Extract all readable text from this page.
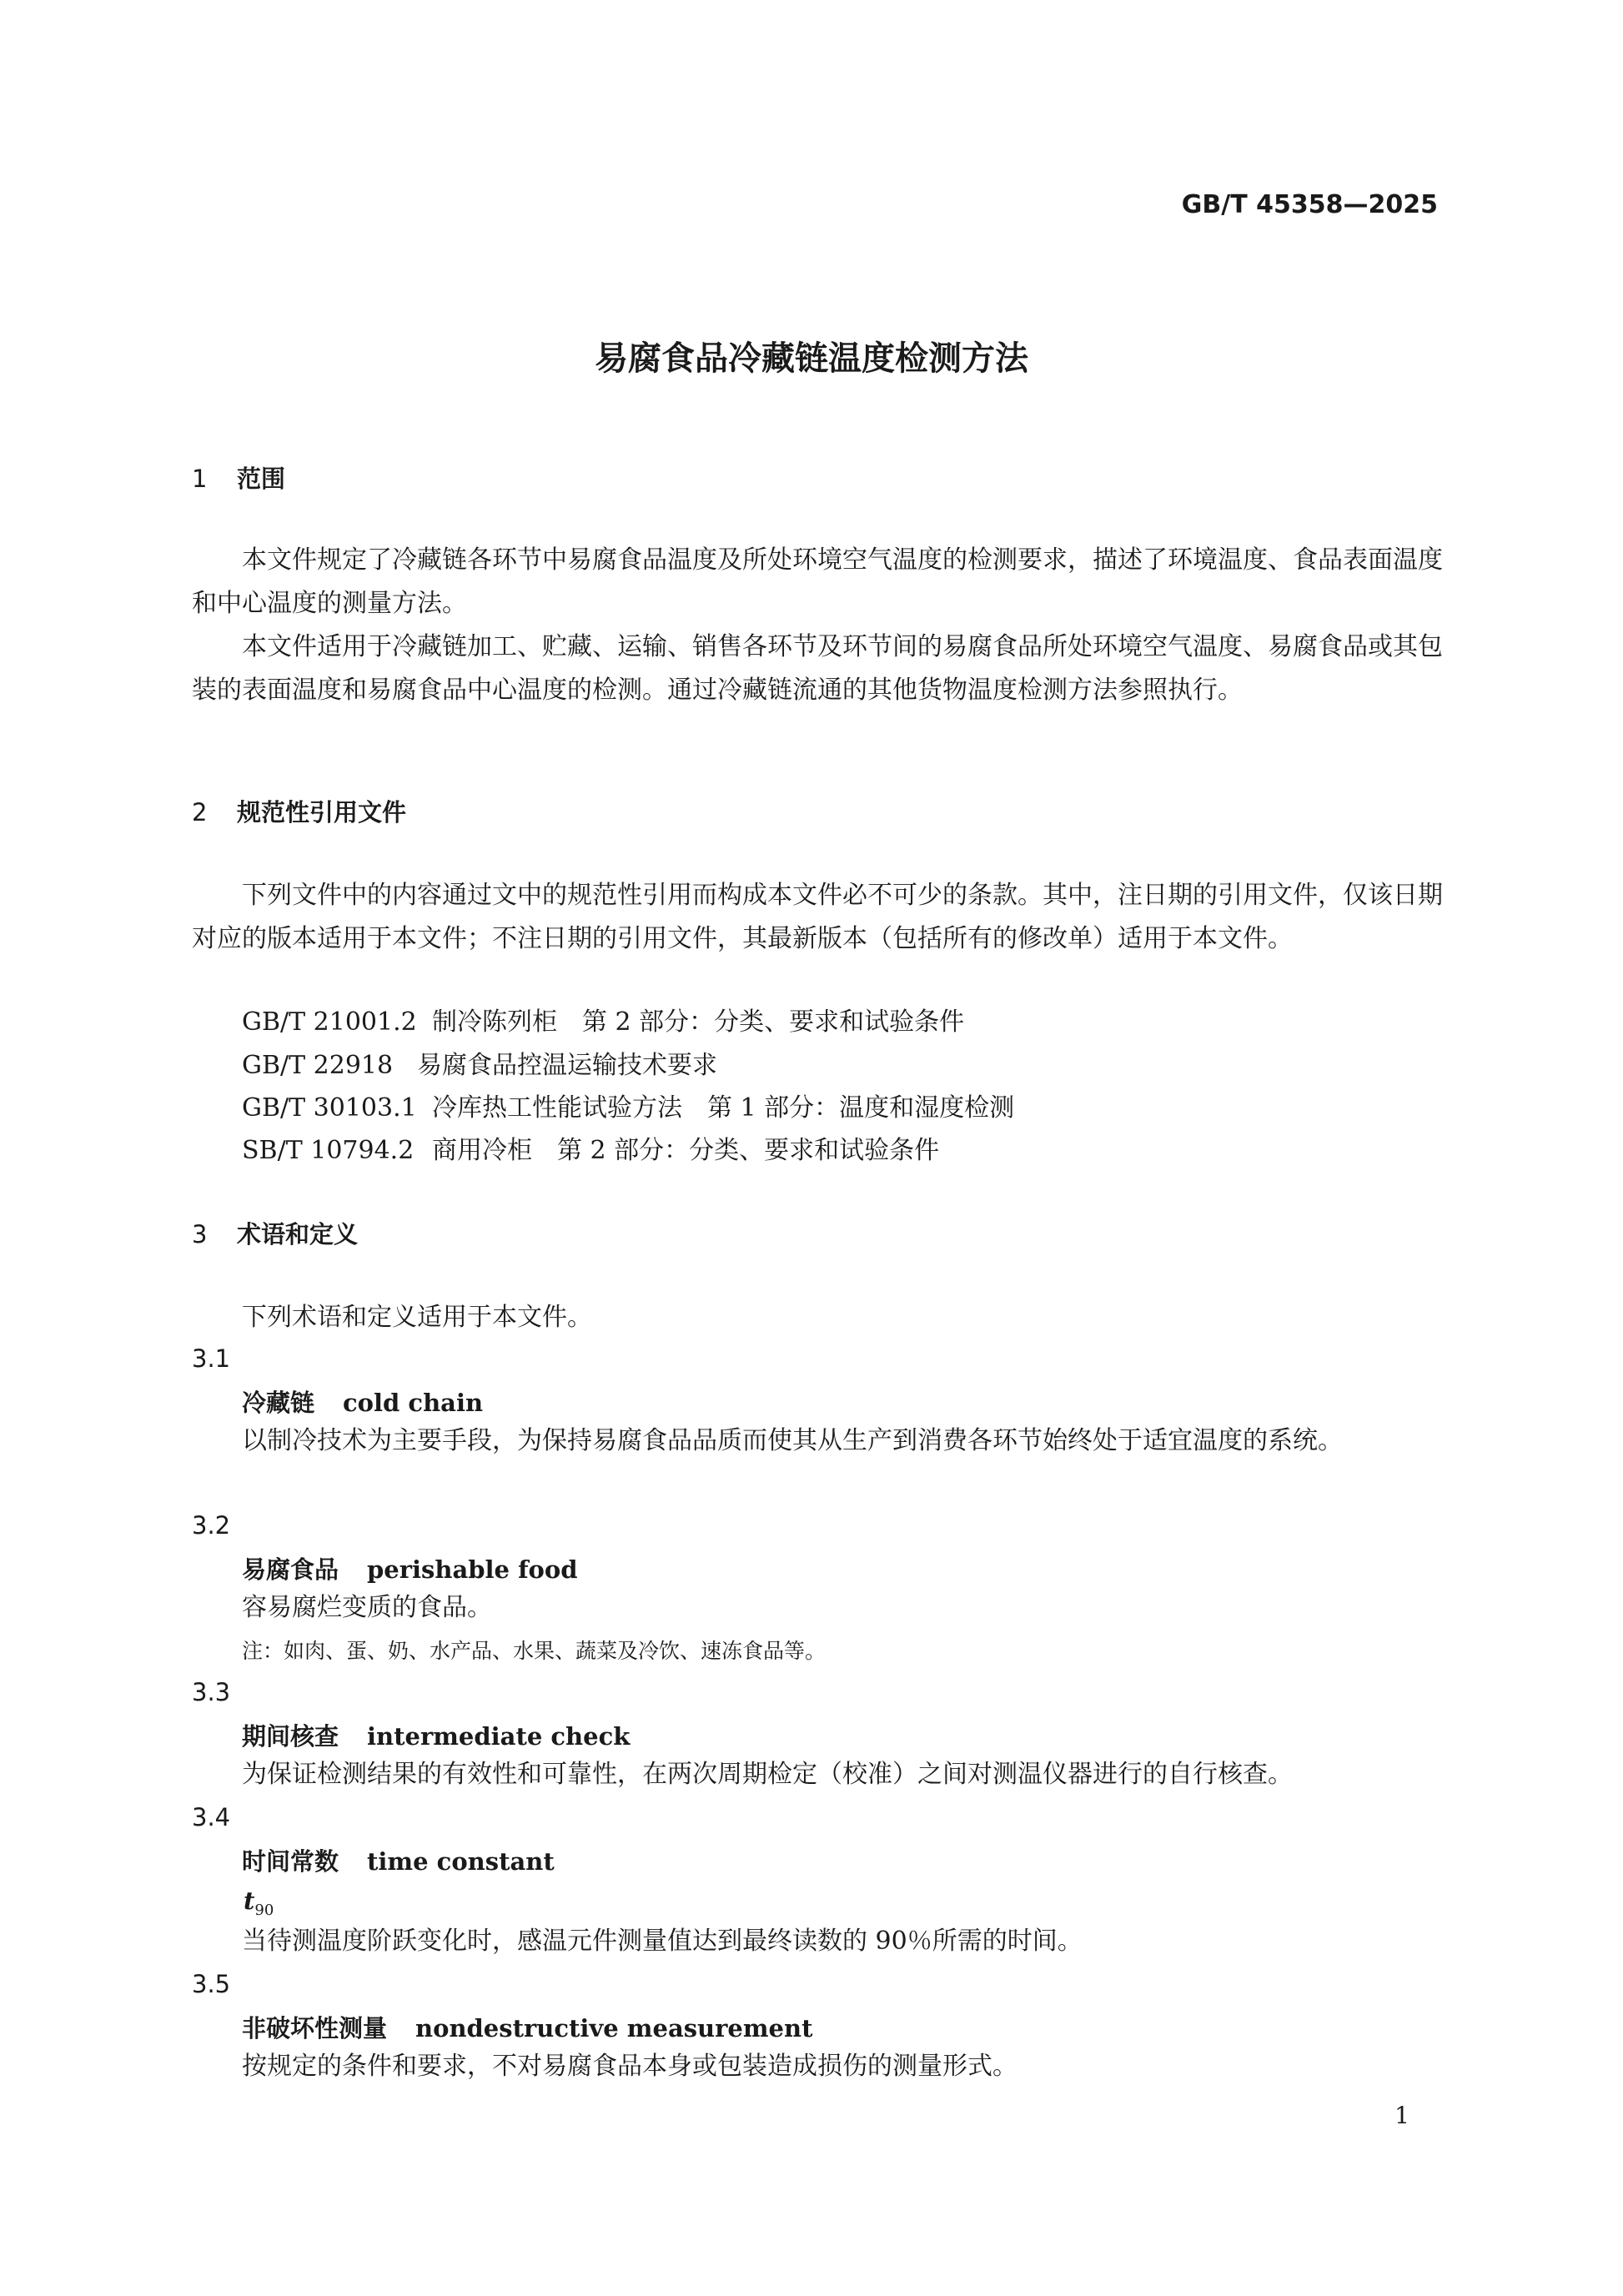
GB/T 45358—2025
易腐食品冷藏链温度检测方法
1 范围
本文件规定了冷藏链各环节中易腐食品温度及所处环境空气温度的检测要求，描述了环境温度、食品表面温度和中心温度的测量方法。
本文件适用于冷藏链加工、贮藏、运输、销售各环节及环节间的易腐食品所处环境空气温度、易腐食品或其包装的表面温度和易腐食品中心温度的检测。通过冷藏链流通的其他货物温度检测方法参照执行。
2 规范性引用文件
下列文件中的内容通过文中的规范性引用而构成本文件必不可少的条款。其中，注日期的引用文件，仅该日期对应的版本适用于本文件；不注日期的引用文件，其最新版本（包括所有的修改单）适用于本文件。
GB/T 21001.2 制冷陈列柜　第 2 部分：分类、要求和试验条件
GB/T 22918 易腐食品控温运输技术要求
GB/T 30103.1 冷库热工性能试验方法　第 1 部分：温度和湿度检测
SB/T 10794.2 商用冷柜　第 2 部分：分类、要求和试验条件
3 术语和定义
下列术语和定义适用于本文件。
3.1
冷藏链 cold chain
以制冷技术为主要手段，为保持易腐食品品质而使其从生产到消费各环节始终处于适宜温度的系统。
3.2
易腐食品 perishable food
容易腐烂变质的食品。
注：如肉、蛋、奶、水产品、水果、蔬菜及冷饮、速冻食品等。
3.3
期间核查 intermediate check
为保证检测结果的有效性和可靠性，在两次周期检定（校准）之间对测温仪器进行的自行核查。
3.4
时间常数 time constant
$t_{90}$
当待测温度阶跃变化时，感温元件测量值达到最终读数的 90％所需的时间。
3.5
非破坏性测量 nondestructive measurement
按规定的条件和要求，不对易腐食品本身或包装造成损伤的测量形式。
1
